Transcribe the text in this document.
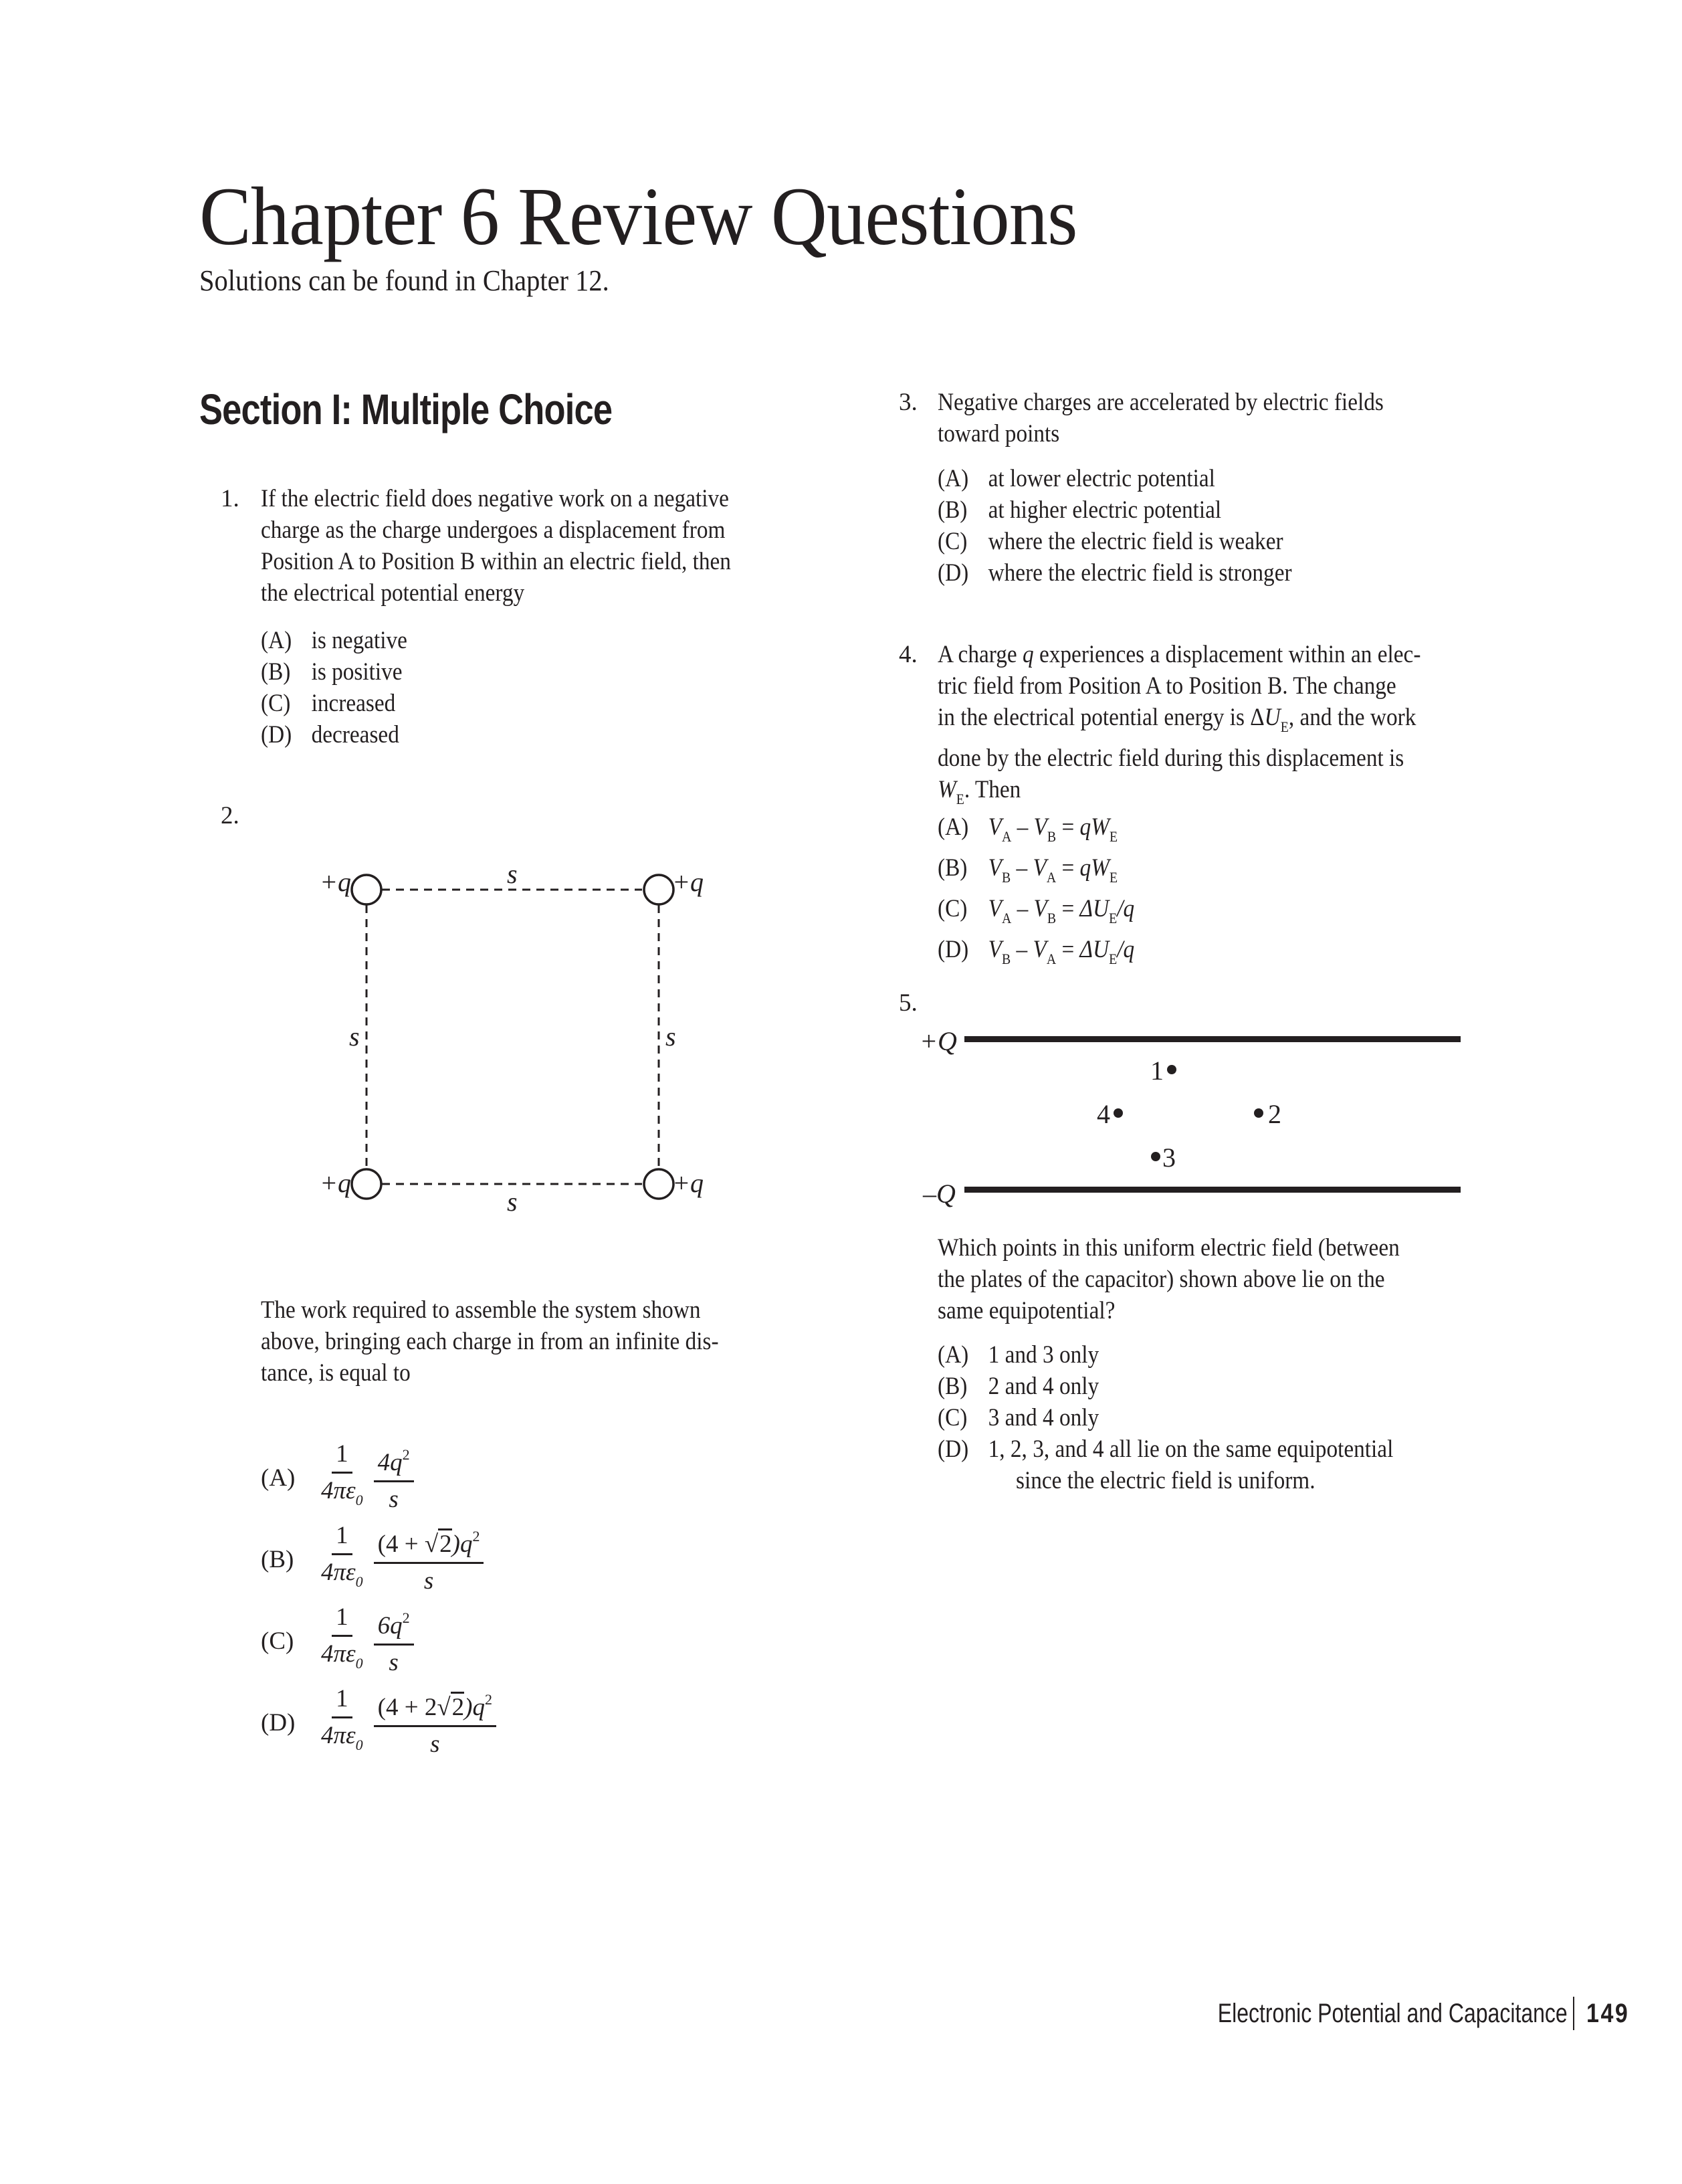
Chapter 6 Review Questions
Solutions can be found in Chapter 12.
Section I: Multiple Choice
1. If the electric field does negative work on a negative
charge as the charge undergoes a displacement from
Position A to Position B within an electric field, then
the electrical potential energy
(A) is negative
(B) is positive
(C) increased
(D) decreased
2.
+q	+q
+q	+q
s
s
s	s
The work required to assemble the system shown
above, bringing each charge in from an infinite dis-
tance, is equal to
$(A) \frac{1}{4\pi\varepsilon_0} \frac{4q^2}{s}$
$(B) \frac{1}{4\pi\varepsilon_0} \frac{(4 + √2)q^2}{s}$
$(C) \frac{1}{4\pi\varepsilon_0} \frac{6q^2}{s}$
$(D) \frac{1}{4\pi\varepsilon_0} \frac{(4 + 2√2)q^2}{s}$
3. Negative charges are accelerated by electric fields
toward points
(A) at lower electric potential
(B) at higher electric potential
(C) where the electric field is weaker
(D) where the electric field is stronger
4. A charge q experiences a displacement within an elec-
tric field from Position A to Position B. The change
in the electrical potential energy is $\Delta U_E$, and the work
done by the electric field during this displacement is
$W_E$. Then
(A) $V_A - V_B = qW_E$
(B) $V_B - V_A = qW_E$
(C) $V_A - V_B = \Delta U_E/q$
(D) $V_B - V_A = \Delta U_E/q$
5.
+Q
–Q
1
4	2
3
Which points in this uniform electric field (between
the plates of the capacitor) shown above lie on the
same equipotential?
(A) 1 and 3 only
(B) 2 and 4 only
(C) 3 and 4 only
(D) 1, 2, 3, and 4 all lie on the same equipotential
since the electric field is uniform.
Electronic Potential and Capacitance 149
